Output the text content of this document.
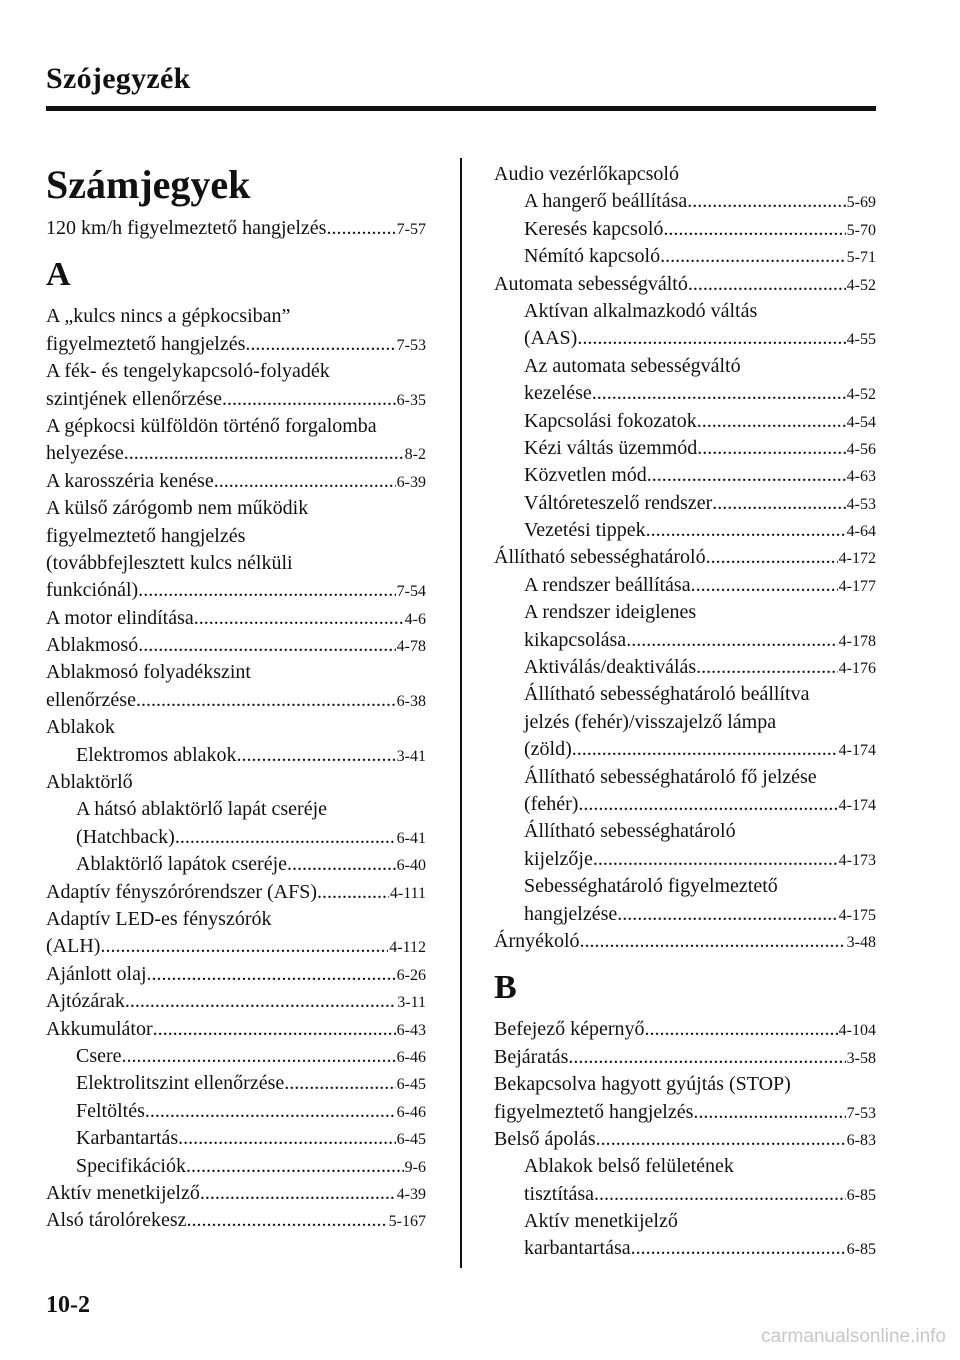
Szójegyzék
Számjegyek
120 km/h figyelmeztető hangjelzés .....	7-57
A
A „kulcs nincs a gépkocsiban”
figyelmeztető hangjelzés .....	7-53
A fék- és tengelykapcsoló-folyadék
szintjének ellenőrzése .....	6-35
A gépkocsi külföldön történő forgalomba
helyezése .....	8-2
A karosszéria kenése .....	6-39
A külső zárógomb nem működik
figyelmeztető hangjelzés
(továbbfejlesztett kulcs nélküli
funkciónál) .....	7-54
A motor elindítása .....	4-6
Ablakmosó .....	4-78
Ablakmosó folyadékszint
ellenőrzése .....	6-38
Ablakok
Elektromos ablakok .....	3-41
Ablaktörlő
A hátsó ablaktörlő lapát cseréje
(Hatchback) .....	6-41
Ablaktörlő lapátok cseréje .....	6-40
Adaptív fényszórórendszer (AFS) .....	4-111
Adaptív LED-es fényszórók
(ALH) .....	4-112
Ajánlott olaj .....	6-26
Ajtózárak .....	3-11
Akkumulátor .....	6-43
Csere .....	6-46
Elektrolitszint ellenőrzése .....	6-45
Feltöltés .....	6-46
Karbantartás .....	6-45
Specifikációk .....	9-6
Aktív menetkijelző .....	4-39
Alsó tárolórekesz .....	5-167
Audio vezérlőkapcsoló
A hangerő beállítása .....	5-69
Keresés kapcsoló .....	5-70
Némító kapcsoló .....	5-71
Automata sebességváltó .....	4-52
Aktívan alkalmazkodó váltás
(AAS) .....	4-55
Az automata sebességváltó
kezelése .....	4-52
Kapcsolási fokozatok .....	4-54
Kézi váltás üzemmód .....	4-56
Közvetlen mód .....	4-63
Váltóreteszelő rendszer .....	4-53
Vezetési tippek .....	4-64
Állítható sebességhatároló .....	4-172
A rendszer beállítása .....	4-177
A rendszer ideiglenes
kikapcsolása .....	4-178
Aktiválás/deaktiválás .....	4-176
Állítható sebességhatároló beállítva
jelzés (fehér)/visszajelző lámpa
(zöld) .....	4-174
Állítható sebességhatároló fő jelzése
(fehér) .....	4-174
Állítható sebességhatároló
kijelzője .....	4-173
Sebességhatároló figyelmeztető
hangjelzése .....	4-175
Árnyékoló .....	3-48
B
Befejező képernyő .....	4-104
Bejáratás .....	3-58
Bekapcsolva hagyott gyújtás (STOP)
figyelmeztető hangjelzés .....	7-53
Belső ápolás .....	6-83
Ablakok belső felületének
tisztítása .....	6-85
Aktív menetkijelző
karbantartása .....	6-85
10-2
carmanualsonline.info
